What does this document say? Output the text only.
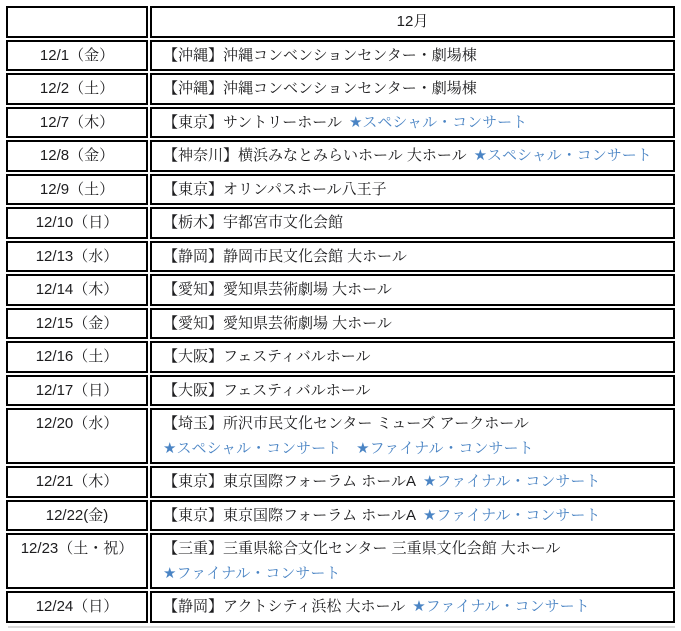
	12月
12/1（金）	【沖縄】沖縄コンベンションセンター・劇場棟
12/2（土）	【沖縄】沖縄コンベンションセンター・劇場棟
12/7（木）	【東京】サントリーホール ★スペシャル・コンサート
12/8（金）	【神奈川】横浜みなとみらいホール 大ホール ★スペシャル・コンサート
12/9（土）	【東京】オリンパスホール八王子
12/10（日）	【栃木】宇都宮市文化会館
12/13（水）	【静岡】静岡市民文化会館 大ホール
12/14（木）	【愛知】愛知県芸術劇場 大ホール
12/15（金）	【愛知】愛知県芸術劇場 大ホール
12/16（土）	【大阪】フェスティバルホール
12/17（日）	【大阪】フェスティバルホール
12/20（水）	【埼玉】所沢市民文化センター ミューズ アークホール
★スペシャル・コンサート　★ファイナル・コンサート

12/21（木）	【東京】東京国際フォーラム ホールA ★ファイナル・コンサート
12/22(金)	【東京】東京国際フォーラム ホールA ★ファイナル・コンサート
12/23（土・祝）	【三重】三重県総合文化センター 三重県文化会館 大ホール
★ファイナル・コンサート

12/24（日）	【静岡】アクトシティ浜松 大ホール ★ファイナル・コンサート
